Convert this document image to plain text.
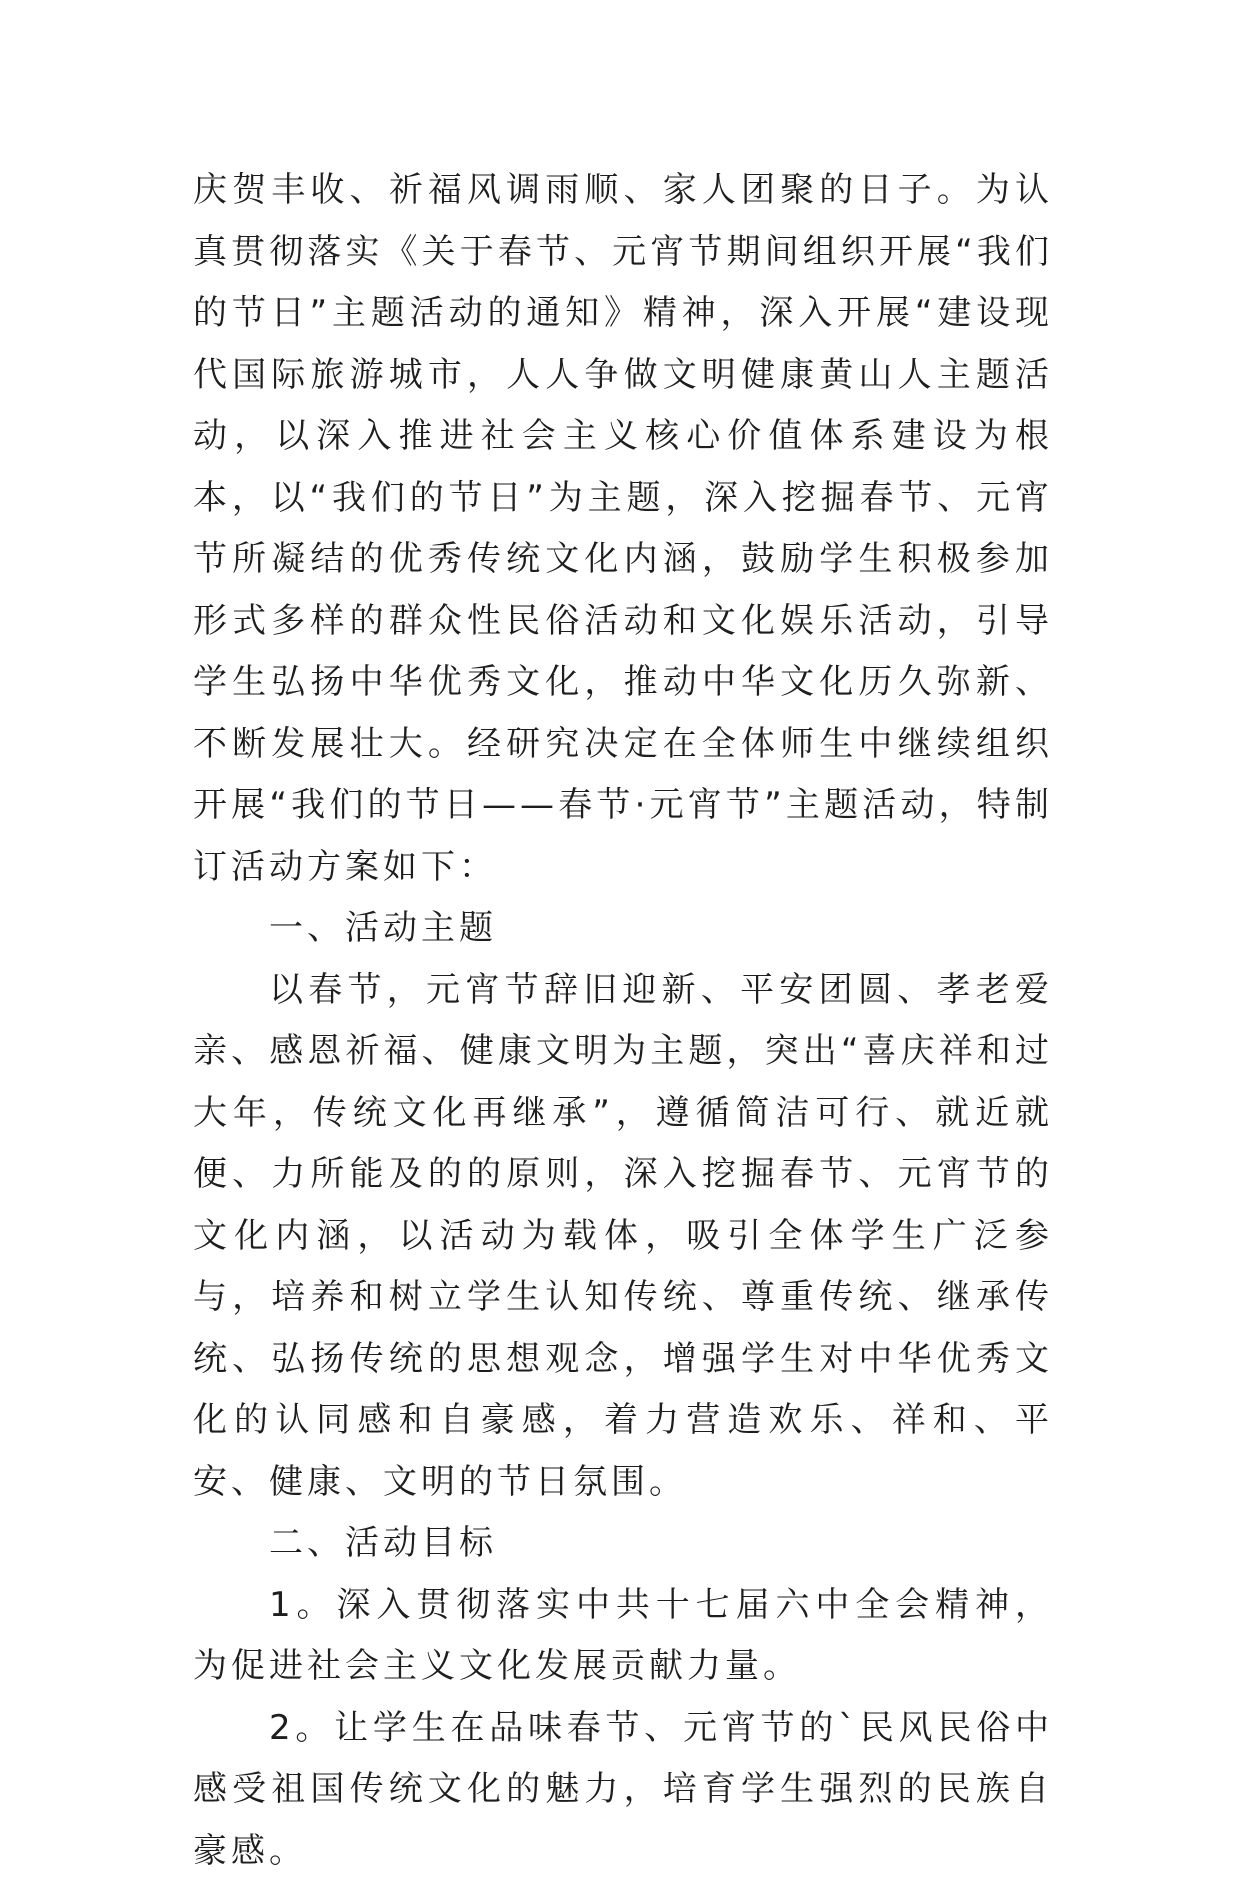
庆贺丰收、祈福风调雨顺、家人团聚的日子。为认真贯彻落实《关于春节、元宵节期间组织开展“我们的节日”主题活动的通知》精神，深入开展“建设现代国际旅游城市，人人争做文明健康黄山人主题活动，以深入推进社会主义核心价值体系建设为根本，以“我们的节日”为主题，深入挖掘春节、元宵节所凝结的优秀传统文化内涵，鼓励学生积极参加形式多样的群众性民俗活动和文化娱乐活动，引导学生弘扬中华优秀文化，推动中华文化历久弥新、不断发展壮大。经研究决定在全体师生中继续组织开展“我们的节日——春节·元宵节”主题活动，特制订活动方案如下：

一、活动主题

以春节，元宵节辞旧迎新、平安团圆、孝老爱亲、感恩祈福、健康文明为主题，突出“喜庆祥和过大年，传统文化再继承”，遵循简洁可行、就近就便、力所能及的的原则，深入挖掘春节、元宵节的文化内涵，以活动为载体，吸引全体学生广泛参与，培养和树立学生认知传统、尊重传统、继承传统、弘扬传统的思想观念，增强学生对中华优秀文化的认同感和自豪感，着力营造欢乐、祥和、平安、健康、文明的节日氛围。

二、活动目标

1。深入贯彻落实中共十七届六中全会精神，为促进社会主义文化发展贡献力量。

2。让学生在品味春节、元宵节的`民风民俗中感受祖国传统文化的魅力，培育学生强烈的民族自豪感。
